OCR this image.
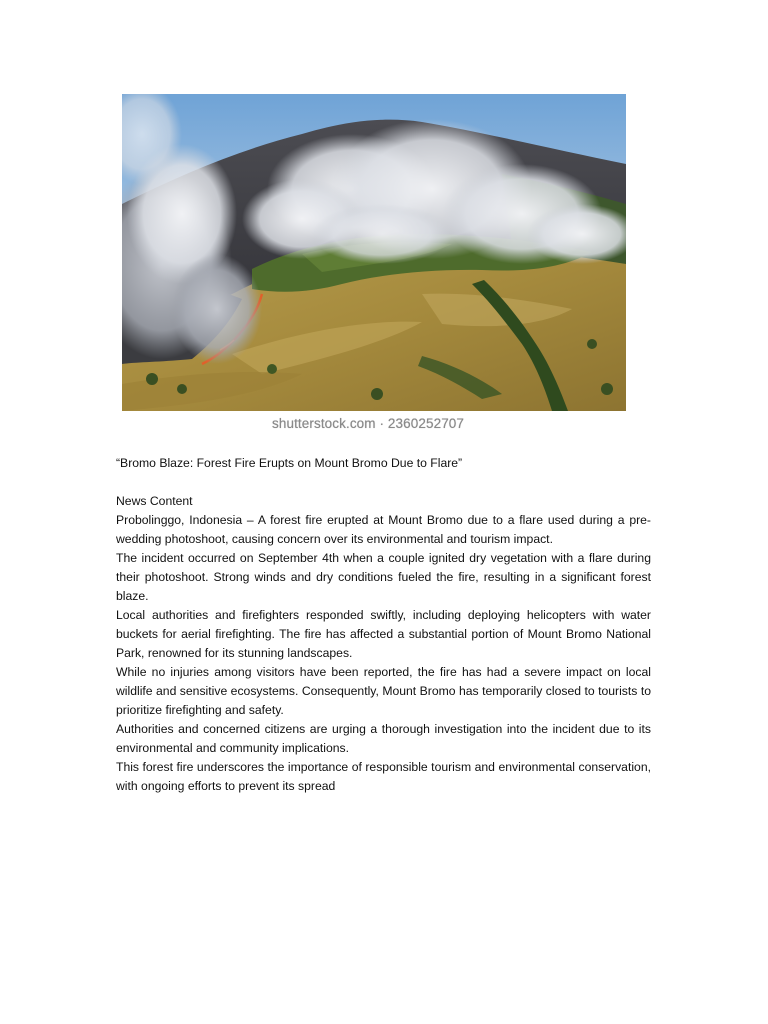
shutterstock.com · 2360252707

“Bromo Blaze: Forest Fire Erupts on Mount Bromo Due to Flare”

News Content

Probolinggo, Indonesia – A forest fire erupted at Mount Bromo due to a flare used during a pre-wedding photoshoot, causing concern over its environmental and tourism impact.

The incident occurred on September 4th when a couple ignited dry vegetation with a flare during their photoshoot. Strong winds and dry conditions fueled the fire, resulting in a significant forest blaze.

Local authorities and firefighters responded swiftly, including deploying helicopters with water buckets for aerial firefighting. The fire has affected a substantial portion of Mount Bromo National Park, renowned for its stunning landscapes.

While no injuries among visitors have been reported, the fire has had a severe impact on local wildlife and sensitive ecosystems. Consequently, Mount Bromo has temporarily closed to tourists to prioritize firefighting and safety.

Authorities and concerned citizens are urging a thorough investigation into the incident due to its environmental and community implications.

This forest fire underscores the importance of responsible tourism and environmental conservation, with ongoing efforts to prevent its spread
